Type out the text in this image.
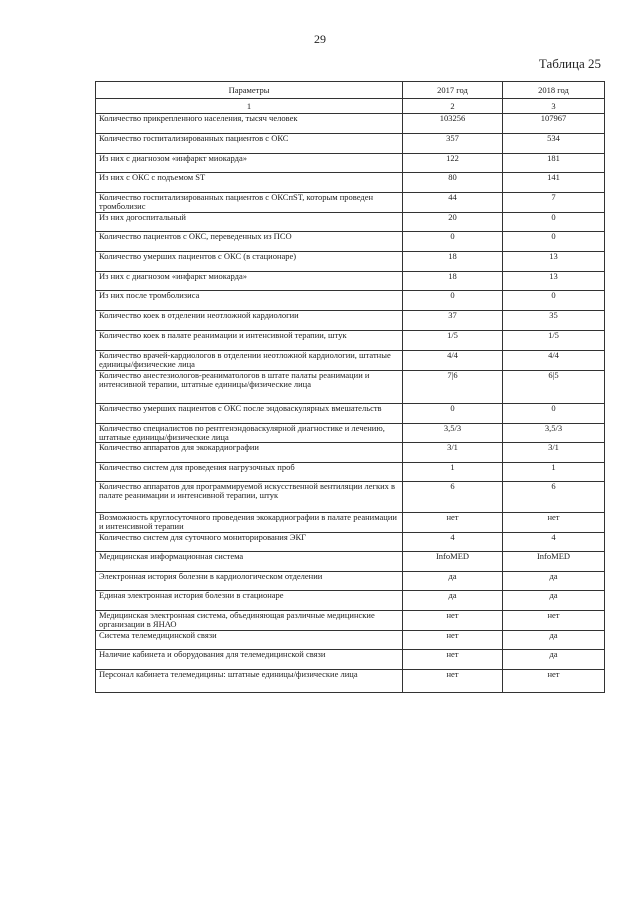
29
Таблица 25
Параметры	2017 год	2018 год
1	2	3
Количество прикрепленного населения, тысяч человек	103256	107967
Количество госпитализированных пациентов с ОКС	357	534
Из них с диагнозом «инфаркт миокарда»	122	181
Из них с ОКС с подъемом ST	80	141
Количество госпитализированных пациентов с ОКСпST, которым проведен тромболизис	44	7
Из них догоспитальный	20	0
Количество пациентов с ОКС, переведенных из ПСО	0	0
Количество умерших пациентов с ОКС (в стационаре)	18	13
Из них с диагнозом «инфаркт миокарда»	18	13
Из них после тромболизиса	0	0
Количество коек в отделении неотложной кардиологии	37	35
Количество коек в палате реанимации и интенсивной терапии, штук	1/5	1/5
Количество врачей-кардиологов в отделении неотложной кардиологии, штатные единицы/физические лица	4/4	4/4
Количество анестезиологов-реаниматологов в штате палаты реанимации и интенсивной терапии, штатные единицы/физические лица	7|6	6|5
Количество умерших пациентов с ОКС после эндоваскулярных вмешательств	0	0
Количество специалистов по рентгенэндоваскулярной диагностике и лечению, штатные единицы/физические лица	3,5/3	3,5/3
Количество аппаратов для экокардиографии	3/1	3/1
Количество систем для проведения нагрузочных проб	1	1
Количество аппаратов для программируемой искусственной вентиляции легких в палате реанимации и интенсивной терапии, штук	6	6
Возможность круглосуточного проведения экокардиографии в палате реанимации и интенсивной терапии	нет	нет
Количество систем для суточного мониторирования ЭКГ	4	4
Медицинская информационная система	InfoMED	InfoMED
Электронная история болезни в кардиологическом отделении	да	да
Единая электронная история болезни в стационаре	да	да
Медицинская электронная система, объединяющая различные медицинские организации в ЯНАО	нет	нет
Система телемедицинской связи	нет	да
Наличие кабинета и оборудования для телемедицинской связи	нет	да
Персонал кабинета телемедицины: штатные единицы/физические лица	нет	нет
